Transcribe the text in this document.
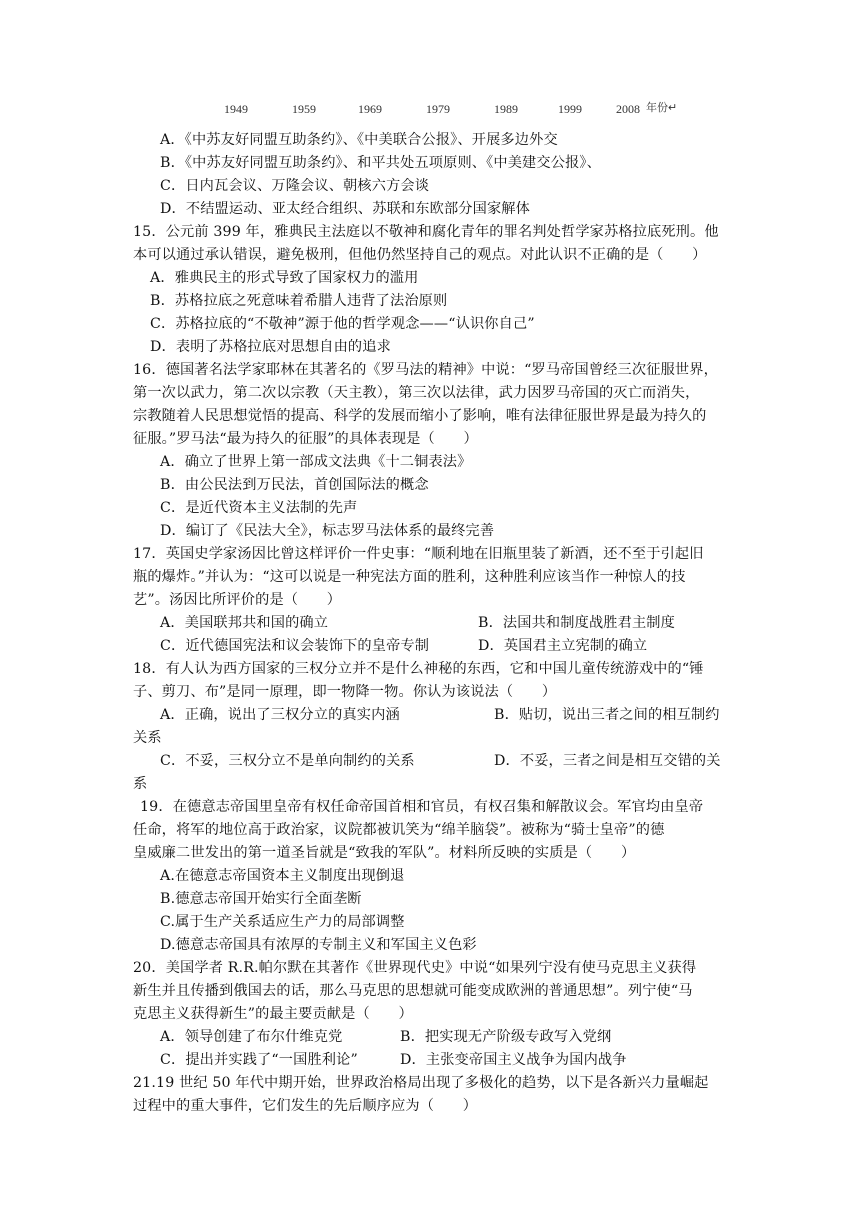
1949	1959	1969	1979	1989	1999	2008 年份↵
A．《中苏友好同盟互助条约》、《中美联合公报》、开展多边外交
B．《中苏友好同盟互助条约》、和平共处五项原则、《中美建交公报》、
C．日内瓦会议、万隆会议、朝核六方会谈
D．不结盟运动、亚太经合组织、苏联和东欧部分国家解体
15．公元前 399 年，雅典民主法庭以不敬神和腐化青年的罪名判处哲学家苏格拉底死刑。他
本可以通过承认错误，避免极刑，但他仍然坚持自己的观点。对此认识不正确的是（　　）
A．雅典民主的形式导致了国家权力的滥用
B．苏格拉底之死意味着希腊人违背了法治原则
C．苏格拉底的“不敬神”源于他的哲学观念——“认识你自己”
D．表明了苏格拉底对思想自由的追求
16．德国著名法学家耶林在其著名的《罗马法的精神》中说：“罗马帝国曾经三次征服世界，
第一次以武力，第二次以宗教（天主教），第三次以法律，武力因罗马帝国的灭亡而消失，
宗教随着人民思想觉悟的提高、科学的发展而缩小了影响，唯有法律征服世界是最为持久的
征服。”罗马法“最为持久的征服”的具体表现是（　　）
A．确立了世界上第一部成文法典《十二铜表法》
B．由公民法到万民法，首创国际法的概念
C．是近代资本主义法制的先声
D．编订了《民法大全》，标志罗马法体系的最终完善
17．英国史学家汤因比曾这样评价一件史事：“顺利地在旧瓶里装了新酒，还不至于引起旧
瓶的爆炸。”并认为：“这可以说是一种宪法方面的胜利，这种胜利应该当作一种惊人的技
艺”。汤因比所评价的是（　　）
A．美国联邦共和国的确立	B．法国共和制度战胜君主制度
C．近代德国宪法和议会装饰下的皇帝专制	D．英国君主立宪制的确立
18．有人认为西方国家的三权分立并不是什么神秘的东西，它和中国儿童传统游戏中的“锤
子、剪刀、布”是同一原理，即一物降一物。你认为该说法（　　）
A．正确，说出了三权分立的真实内涵	B．贴切，说出三者之间的相互制约
关系
C．不妥，三权分立不是单向制约的关系	D．不妥，三者之间是相互交错的关
系
19．在德意志帝国里皇帝有权任命帝国首相和官员，有权召集和解散议会。军官均由皇帝
任命，将军的地位高于政治家，议院都被讥笑为“绵羊脑袋”。被称为“骑士皇帝”的德
皇威廉二世发出的第一道圣旨就是“致我的军队”。材料所反映的实质是（　　）
A.在德意志帝国资本主义制度出现倒退
B.德意志帝国开始实行全面垄断
C.属于生产关系适应生产力的局部调整
D.德意志帝国具有浓厚的专制主义和军国主义色彩
20．美国学者 R.R.帕尔默在其著作《世界现代史》中说“如果列宁没有使马克思主义获得
新生并且传播到俄国去的话，那么马克思的思想就可能变成欧洲的普通思想”。列宁使“马
克思主义获得新生”的最主要贡献是（　　）
A．领导创建了布尔什维克党	B．把实现无产阶级专政写入党纲
C．提出并实践了“一国胜利论”	D．主张变帝国主义战争为国内战争
21.19 世纪 50 年代中期开始，世界政治格局出现了多极化的趋势，以下是各新兴力量崛起
过程中的重大事件，它们发生的先后顺序应为（　　）
